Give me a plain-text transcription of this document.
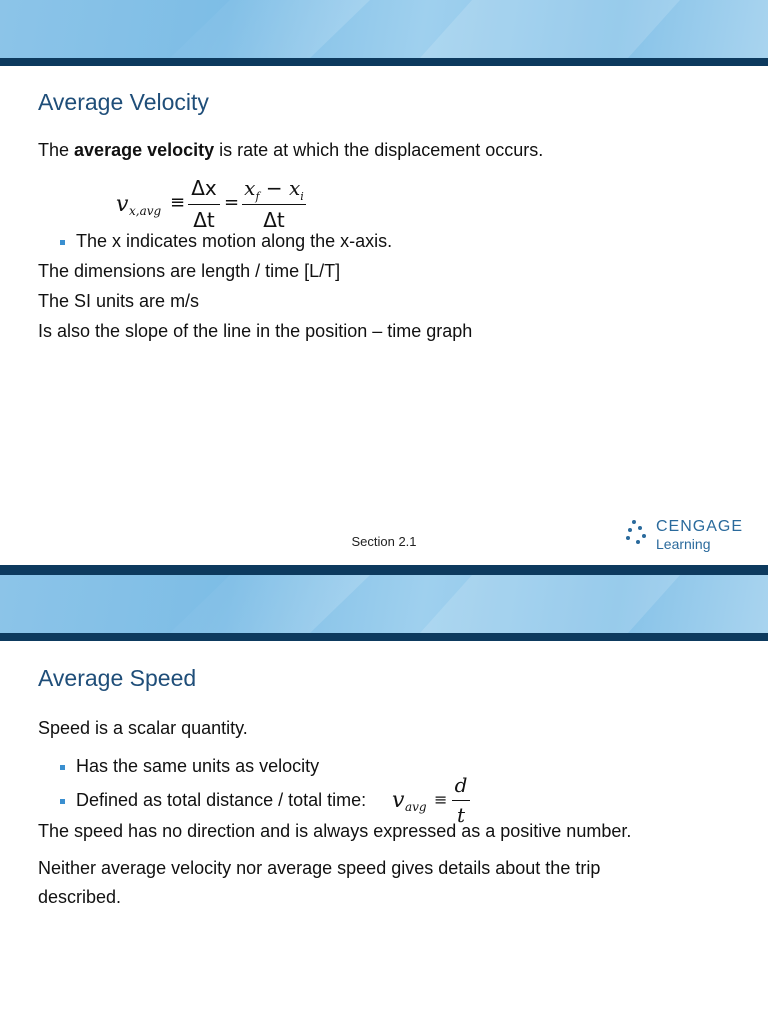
Average Velocity
The average velocity is rate at which the displacement occurs.
v x,avg ≡
Δx
Δt
=
$x_f - x_i$
Δt
The x indicates motion along the x-axis.
The dimensions are length / time [L/T]
The SI units are m/s
Is also the slope of the line in the position – time graph
Section 2.1
CENGAGE
Learning
Average Speed
Speed is a scalar quantity.
Has the same units as velocity
Defined as total distance / total time: v avg ≡
d
t
The speed has no direction and is always expressed as a positive number.
Neither average velocity nor average speed gives details about the trip
described.
